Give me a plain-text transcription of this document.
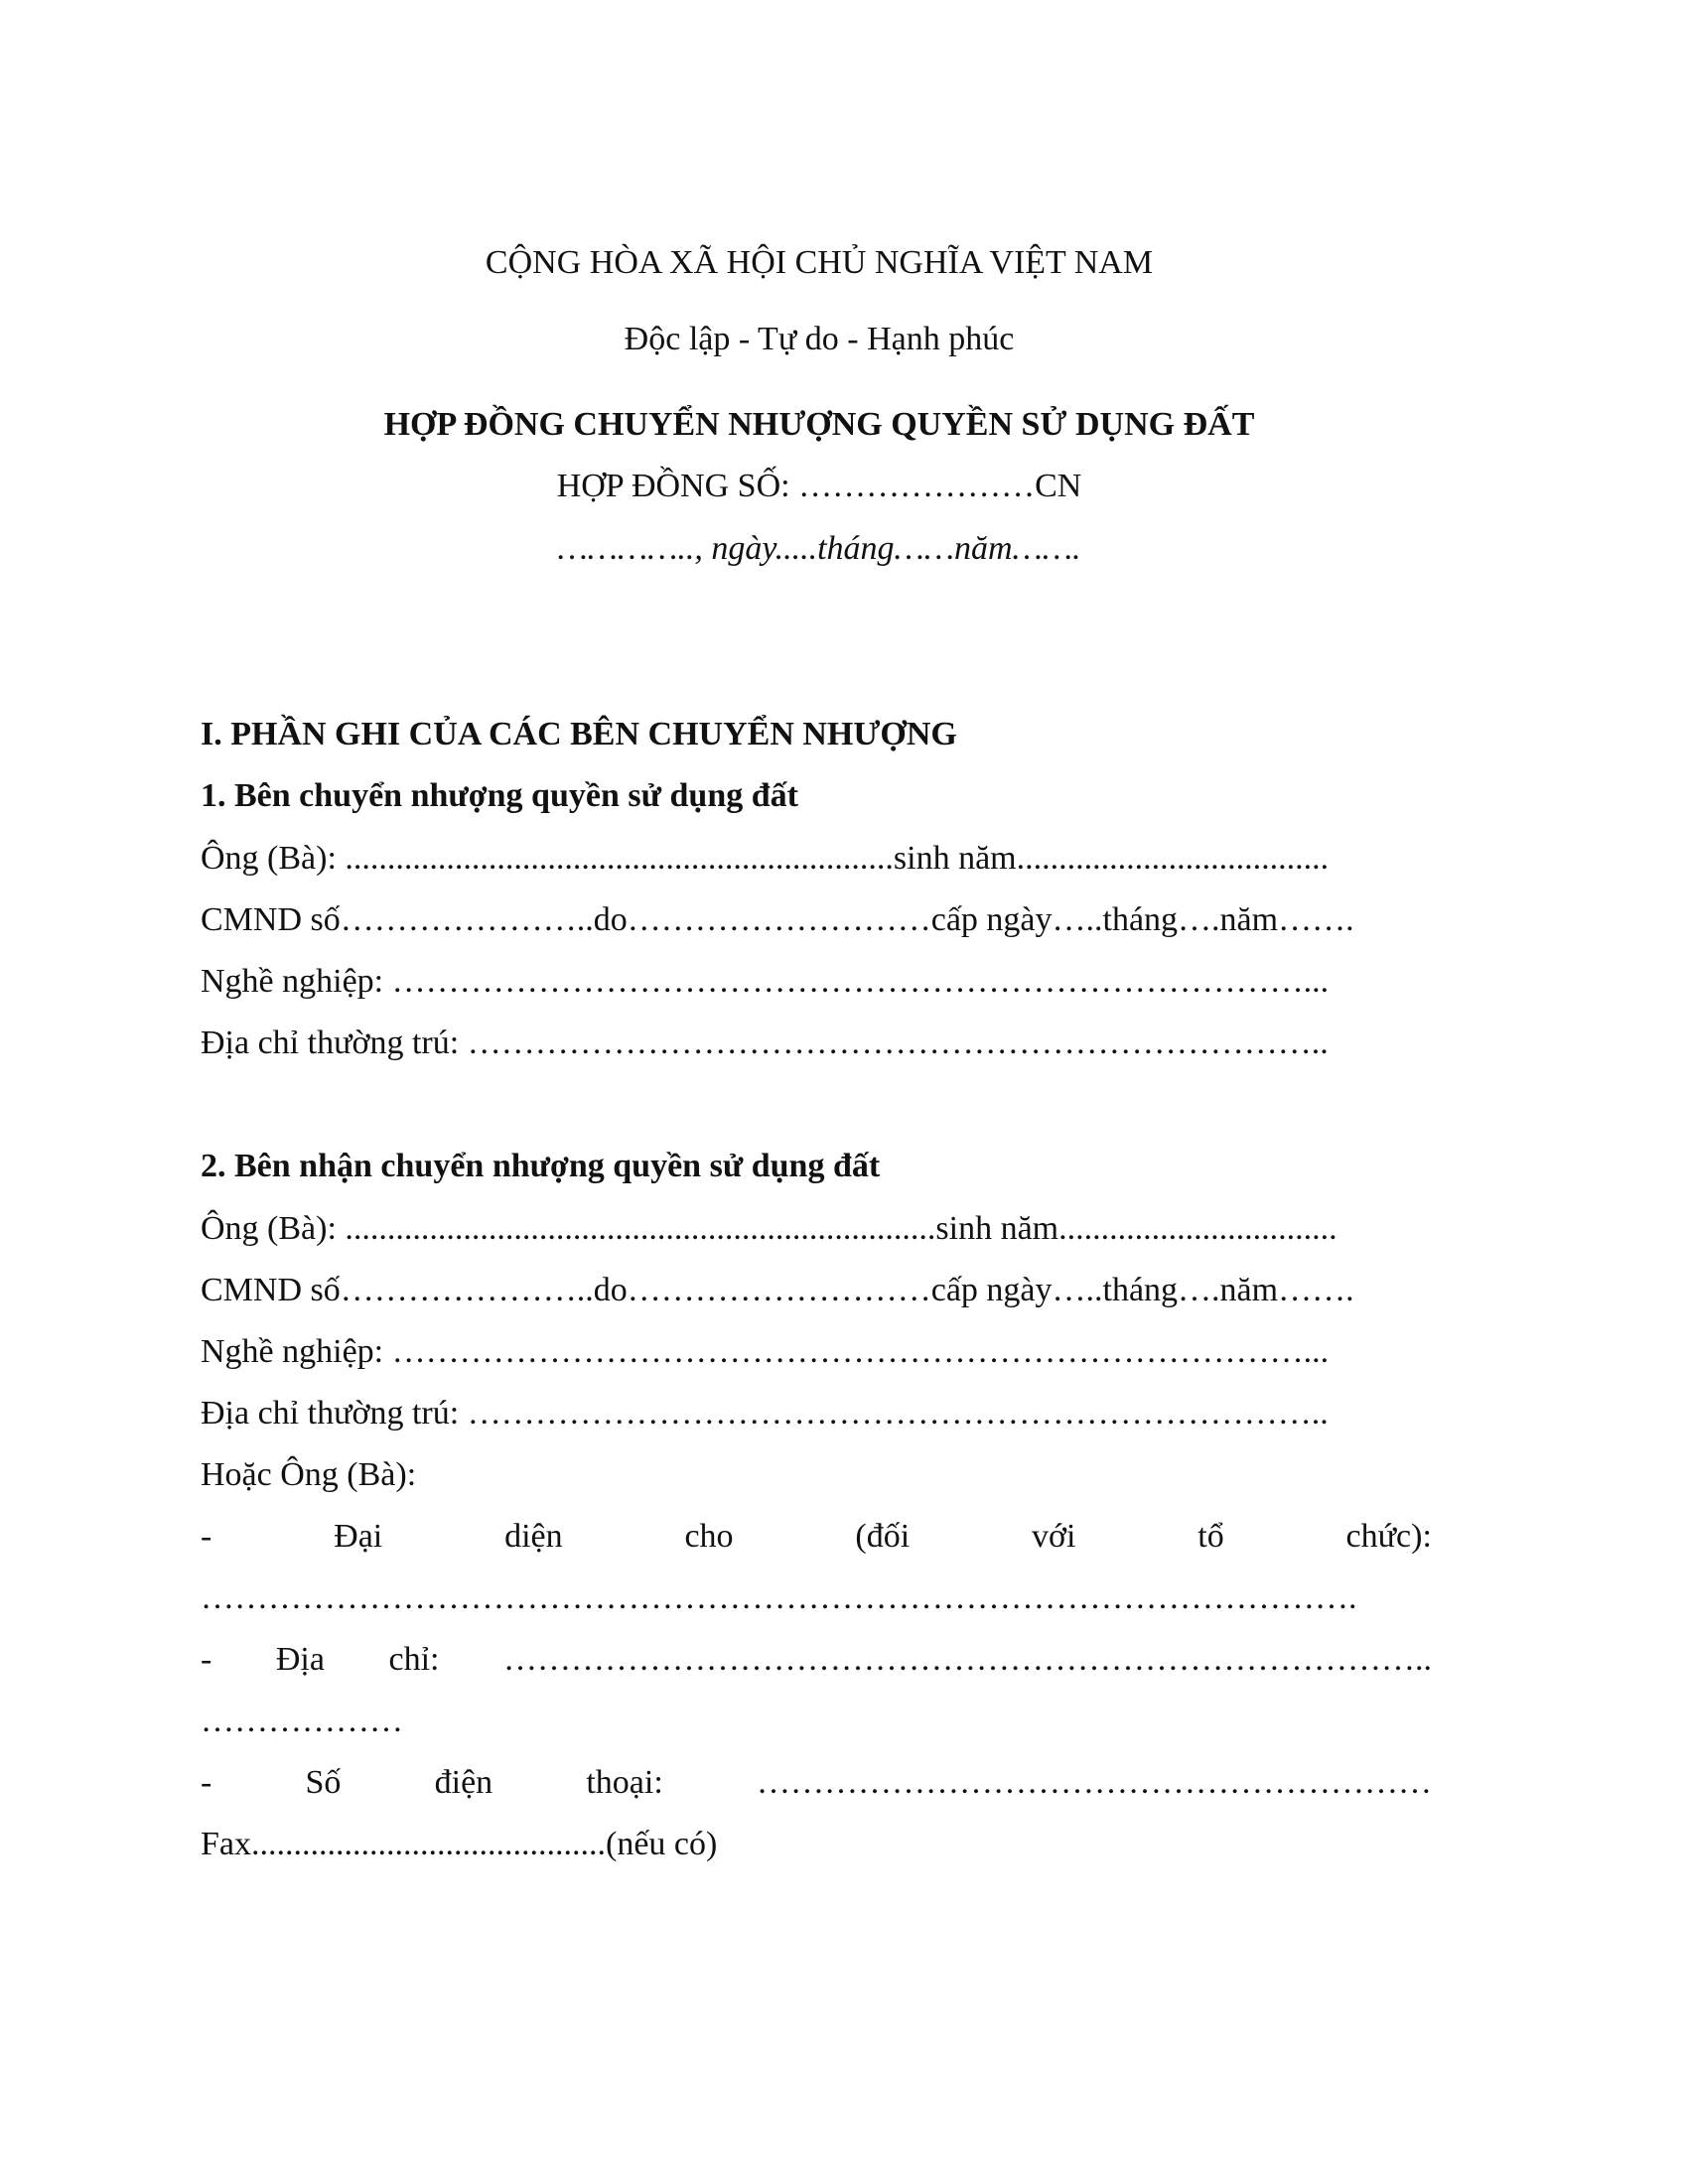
CỘNG HÒA XÃ HỘI CHỦ NGHĨA VIỆT NAM
Độc lập - Tự do - Hạnh phúc
HỢP ĐỒNG CHUYỂN NHƯỢNG QUYỀN SỬ DỤNG ĐẤT
HỢP ĐỒNG SỐ: …………………CN
………….., ngày.....tháng……năm…….
I. PHẦN GHI CỦA CÁC BÊN CHUYỂN NHƯỢNG
1. Bên chuyển nhượng quyền sử dụng đất
Ông (Bà): .................................................................sinh năm.....................................
CMND số…………………..do………………………cấp ngày…..tháng….năm…….
Nghề nghiệp: ………………………………………………………………………...
Địa chỉ thường trú: …………………………………………………………………..
2. Bên nhận chuyển nhượng quyền sử dụng đất
Ông (Bà): ......................................................................sinh năm.................................
CMND số…………………..do………………………cấp ngày…..tháng….năm…….
Nghề nghiệp: ………………………………………………………………………...
Địa chỉ thường trú: …………………………………………………………………..
Hoặc Ông (Bà):
-	Đại	diện	cho	(đối	với	tổ	chức):
………………………………………………………………………………………….
- Địa chỉ: ………………………………………………………………………..
………………
-	Số	điện	thoại:	……………………………………………………
Fax..........................................(nếu có)
